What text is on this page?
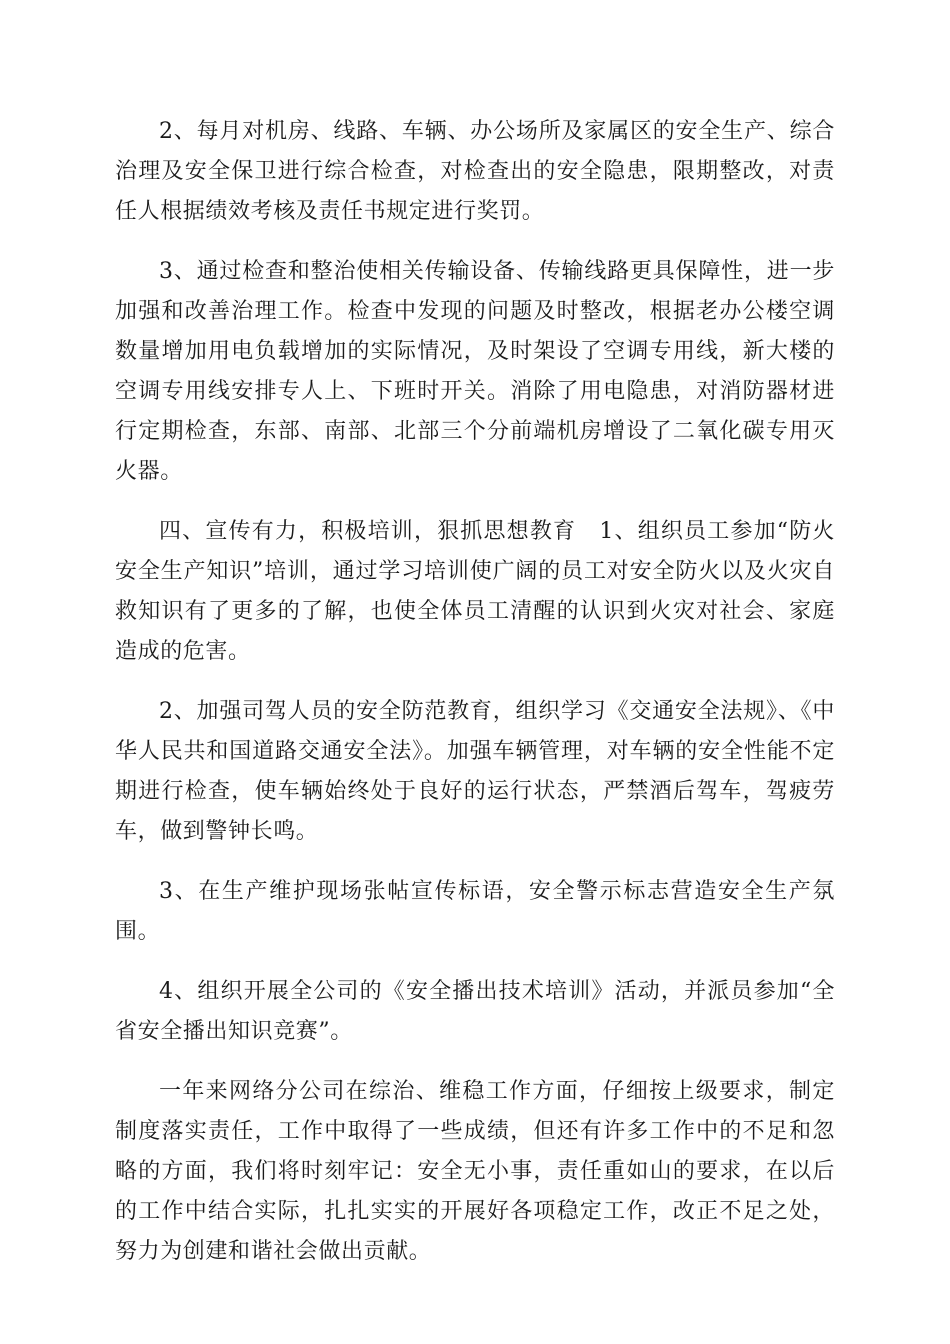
2、每月对机房、线路、车辆、办公场所及家属区的安全生产、综合治理及安全保卫进行综合检查，对检查出的安全隐患，限期整改，对责任人根据绩效考核及责任书规定进行奖罚。

3、通过检查和整治使相关传输设备、传输线路更具保障性，进一步加强和改善治理工作。检查中发现的问题及时整改，根据老办公楼空调数量增加用电负载增加的实际情况，及时架设了空调专用线，新大楼的空调专用线安排专人上、下班时开关。消除了用电隐患，对消防器材进行定期检查，东部、南部、北部三个分前端机房增设了二氧化碳专用灭火器。

四、宣传有力，积极培训，狠抓思想教育　1、组织员工参加“防火安全生产知识”培训，通过学习培训使广阔的员工对安全防火以及火灾自救知识有了更多的了解，也使全体员工清醒的认识到火灾对社会、家庭造成的危害。

2、加强司驾人员的安全防范教育，组织学习《交通安全法规》、《中华人民共和国道路交通安全法》。加强车辆管理，对车辆的安全性能不定期进行检查，使车辆始终处于良好的运行状态，严禁酒后驾车，驾疲劳车，做到警钟长鸣。

3、在生产维护现场张帖宣传标语，安全警示标志营造安全生产氛围。

4、组织开展全公司的《安全播出技术培训》活动，并派员参加“全省安全播出知识竞赛”。

一年来网络分公司在综治、维稳工作方面，仔细按上级要求，制定制度落实责任，工作中取得了一些成绩，但还有许多工作中的不足和忽略的方面，我们将时刻牢记：安全无小事，责任重如山的要求，在以后的工作中结合实际，扎扎实实的开展好各项稳定工作，改正不足之处，努力为创建和谐社会做出贡献。
